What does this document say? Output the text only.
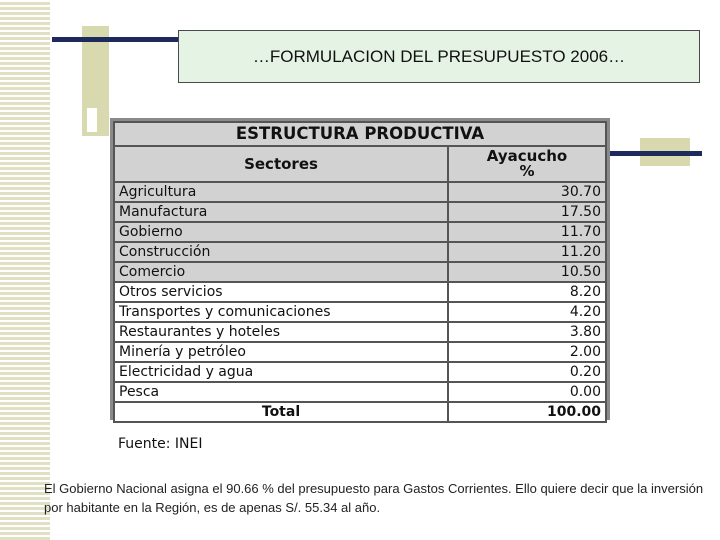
…FORMULACION DEL PRESUPUESTO 2006…
ESTRUCTURA PRODUCTIVA	
Sectores	Ayacucho
%

Agricultura	30.70
Manufactura	17.50
Gobierno	11.70
Construcción	11.20
Comercio	10.50
Otros servicios	8.20
Transportes y comunicaciones	4.20
Restaurantes y hoteles	3.80
Minería y petróleo	2.00
Electricidad y agua	0.20
Pesca	0.00
Total	100.00
Fuente: INEI
El Gobierno Nacional asigna el 90.66 % del presupuesto para Gastos Corrientes. Ello quiere decir que la inversión por habitante en la Región, es de apenas S/. 55.34 al año.
